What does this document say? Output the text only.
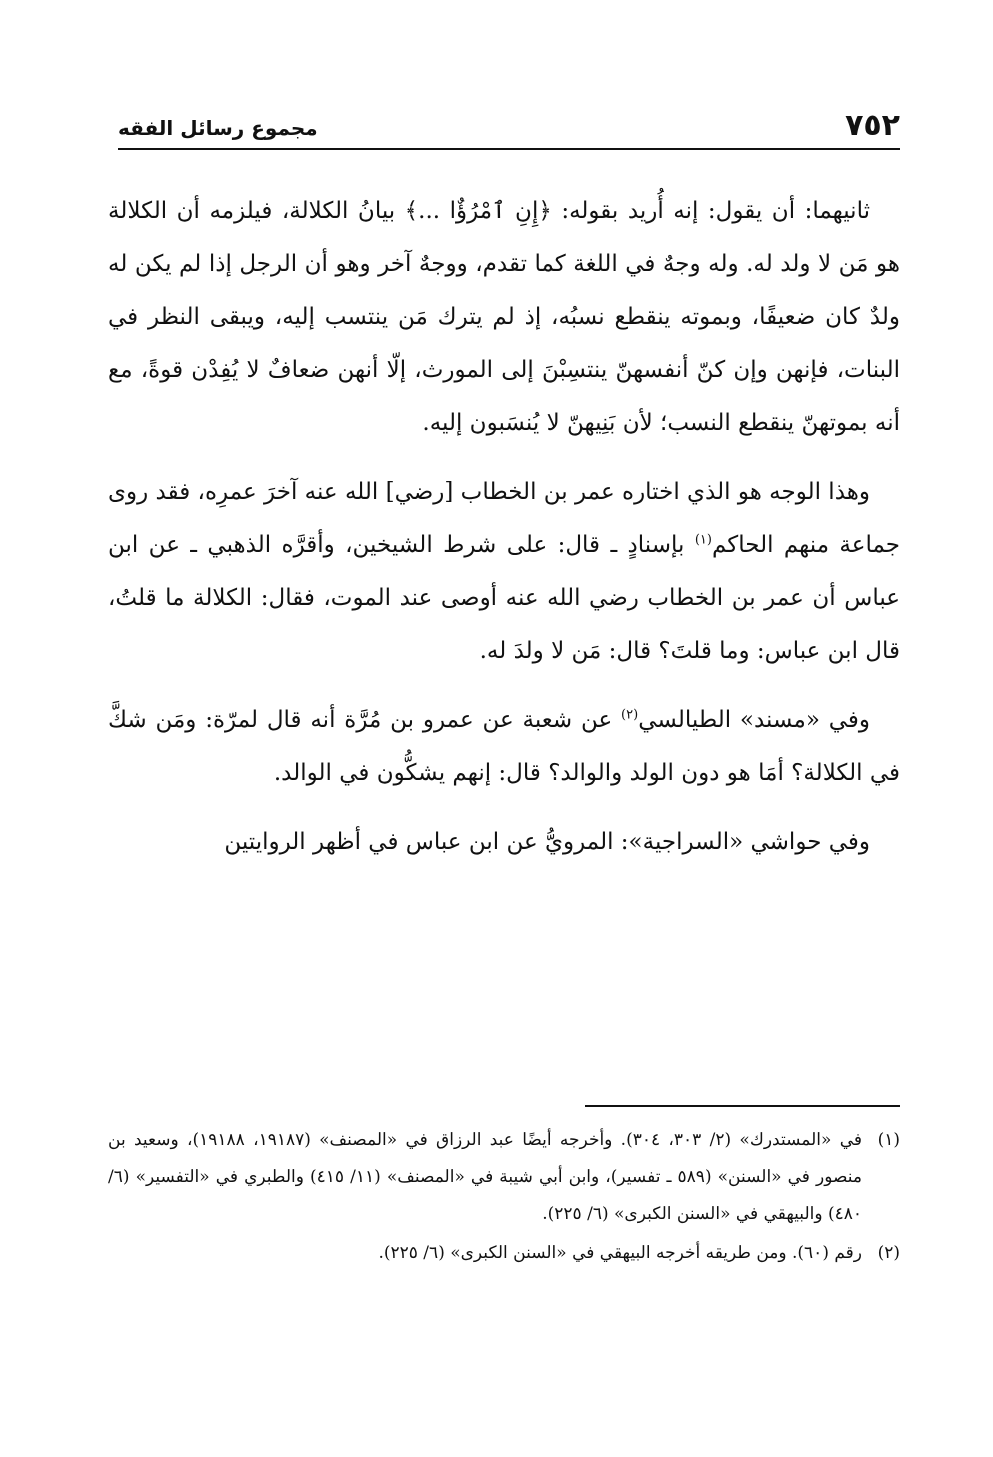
٧٥٢
مجموع رسائل الفقه

ثانيهما: أن يقول: إنه أُريد بقوله: ﴿إِنِ ٱمْرُؤٌا ...﴾ بيانُ الكلالة، فيلزمه أن الكلالة هو مَن لا ولد له. وله وجهٌ في اللغة كما تقدم، ووجهٌ آخر وهو أن الرجل إذا لم يكن له ولدٌ كان ضعيفًا، وبموته ينقطع نسبُه، إذ لم يترك مَن ينتسب إليه، ويبقى النظر في البنات، فإنهن وإن كنّ أنفسهنّ ينتسِبْنَ إلى المورث، إلّا أنهن ضعافٌ لا يُفِدْن قوةً، مع أنه بموتهنّ ينقطع النسب؛ لأن بَنِيهنّ لا يُنسَبون إليه.

وهذا الوجه هو الذي اختاره عمر بن الخطاب [رضي] الله عنه آخرَ عمرِه، فقد روى جماعة منهم الحاكم$^{(١)}$ بإسنادٍ ـ قال: على شرط الشيخين، وأقرَّه الذهبي ـ عن ابن عباس أن عمر بن الخطاب رضي الله عنه أوصى عند الموت، فقال: الكلالة ما قلتُ، قال ابن عباس: وما قلتَ؟ قال: مَن لا ولدَ له.

وفي «مسند» الطيالسي$^{(٢)}$ عن شعبة عن عمرو بن مُرَّة أنه قال لمرّة: ومَن شكَّ في الكلالة؟ أمَا هو دون الولد والوالد؟ قال: إنهم يشكُّون في الوالد.

وفي حواشي «السراجية»: المرويُّ عن ابن عباس في أظهر الروايتين

(١)
في «المستدرك» (٢/ ٣٠٣، ٣٠٤). وأخرجه أيضًا عبد الرزاق في «المصنف» (١٩١٨٧، ١٩١٨٨)، وسعيد بن منصور في «السنن» (٥٨٩ ـ تفسير)، وابن أبي شيبة في «المصنف» (١١/ ٤١٥) والطبري في «التفسير» (٦/ ٤٨٠) والبيهقي في «السنن الكبرى» (٦/ ٢٢٥).
(٢)
رقم (٦٠). ومن طريقه أخرجه البيهقي في «السنن الكبرى» (٦/ ٢٢٥).
